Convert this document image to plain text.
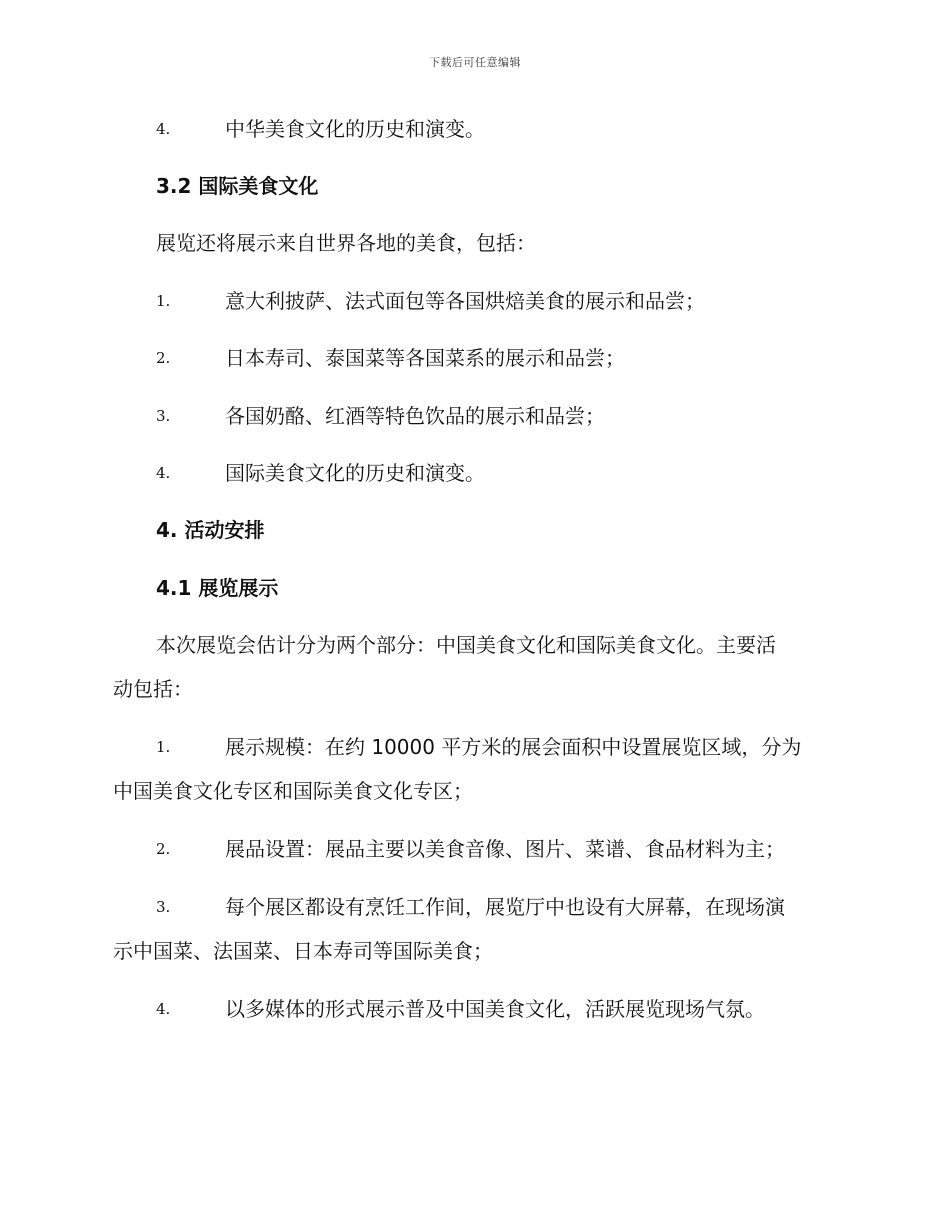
下载后可任意编辑
4.	中华美食文化的历史和演变。
3.2 国际美食文化
展览还将展示来自世界各地的美食，包括：
1.	意大利披萨、法式面包等各国烘焙美食的展示和品尝；
2.	日本寿司、泰国菜等各国菜系的展示和品尝；
3.	各国奶酪、红酒等特色饮品的展示和品尝；
4.	国际美食文化的历史和演变。
4. 活动安排
4.1 展览展示
本次展览会估计分为两个部分：中国美食文化和国际美食文化。主要活
动包括：
1.	展示规模：在约 10000 平方米的展会面积中设置展览区域，分为
中国美食文化专区和国际美食文化专区；
2.	展品设置：展品主要以美食音像、图片、菜谱、食品材料为主；
3.	每个展区都设有烹饪工作间，展览厅中也设有大屏幕，在现场演
示中国菜、法国菜、日本寿司等国际美食；
4.	以多媒体的形式展示普及中国美食文化，活跃展览现场气氛。
